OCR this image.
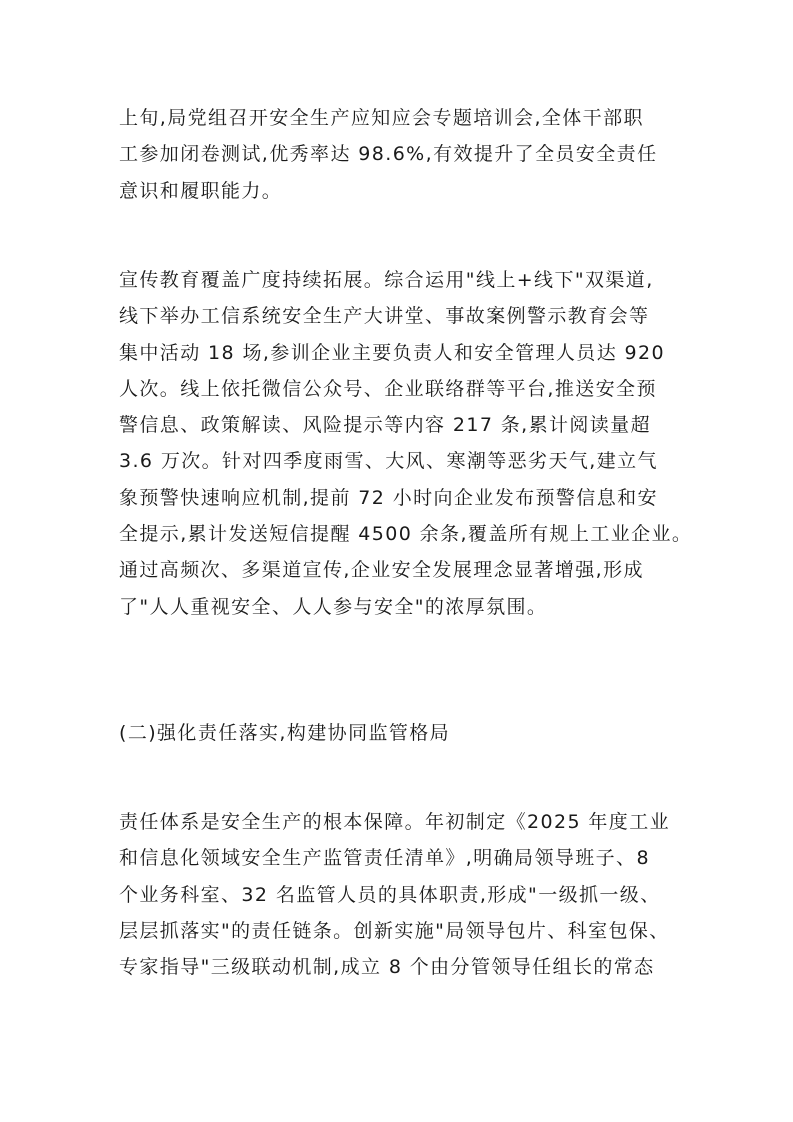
上旬,局党组召开安全生产应知应会专题培训会,全体干部职
工参加闭卷测试,优秀率达 98.6%,有效提升了全员安全责任
意识和履职能力。

宣传教育覆盖广度持续拓展。综合运用"线上+线下"双渠道,
线下举办工信系统安全生产大讲堂、事故案例警示教育会等
集中活动 18 场,参训企业主要负责人和安全管理人员达 920
人次。线上依托微信公众号、企业联络群等平台,推送安全预
警信息、政策解读、风险提示等内容 217 条,累计阅读量超
3.6 万次。针对四季度雨雪、大风、寒潮等恶劣天气,建立气
象预警快速响应机制,提前 72 小时向企业发布预警信息和安
全提示,累计发送短信提醒 4500 余条,覆盖所有规上工业企业。
通过高频次、多渠道宣传,企业安全发展理念显著增强,形成
了"人人重视安全、人人参与安全"的浓厚氛围。

(二)强化责任落实,构建协同监管格局

责任体系是安全生产的根本保障。年初制定《2025 年度工业
和信息化领域安全生产监管责任清单》,明确局领导班子、8
个业务科室、32 名监管人员的具体职责,形成"一级抓一级、
层层抓落实"的责任链条。创新实施"局领导包片、科室包保、
专家指导"三级联动机制,成立 8 个由分管领导任组长的常态
